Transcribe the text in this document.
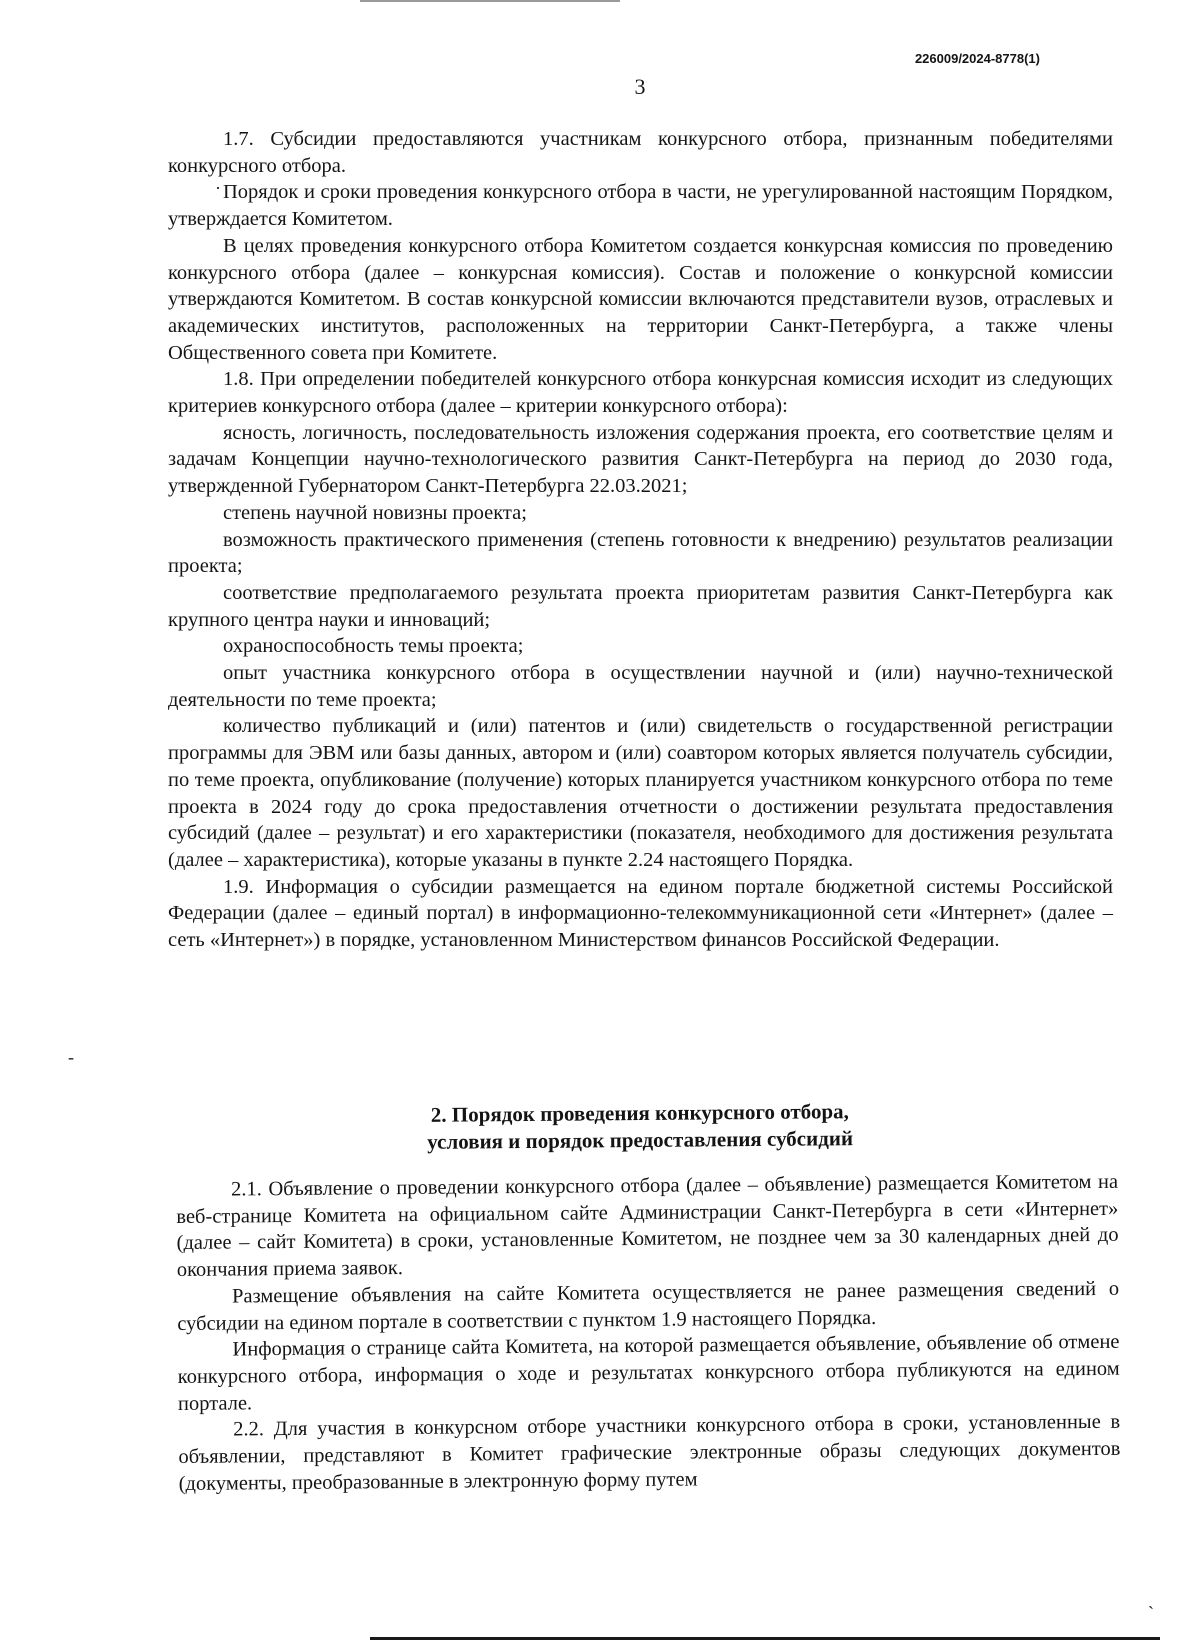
226009/2024-8778(1)
3

1.7. Субсидии предоставляются участникам конкурсного отбора, признанным победителями конкурсного отбора.

· Порядок и сроки проведения конкурсного отбора в части, не урегулированной настоящим Порядком, утверждается Комитетом.

В целях проведения конкурсного отбора Комитетом создается конкурсная комиссия по проведению конкурсного отбора (далее – конкурсная комиссия). Состав и положение о конкурсной комиссии утверждаются Комитетом. В состав конкурсной комиссии включаются представители вузов, отраслевых и академических институтов, расположенных на территории Санкт-Петербурга, а также члены Общественного совета при Комитете.

1.8. При определении победителей конкурсного отбора конкурсная комиссия исходит из следующих критериев конкурсного отбора (далее – критерии конкурсного отбора):

ясность, логичность, последовательность изложения содержания проекта, его соответствие целям и задачам Концепции научно-технологического развития Санкт-Петербурга на период до 2030 года, утвержденной Губернатором Санкт-Петербурга 22.03.2021;

степень научной новизны проекта;

возможность практического применения (степень готовности к внедрению) результатов реализации проекта;

соответствие предполагаемого результата проекта приоритетам развития Санкт-Петербурга как крупного центра науки и инноваций;

охраноспособность темы проекта;

опыт участника конкурсного отбора в осуществлении научной и (или) научно-технической деятельности по теме проекта;

количество публикаций и (или) патентов и (или) свидетельств о государственной регистрации программы для ЭВМ или базы данных, автором и (или) соавтором которых является получатель субсидии, по теме проекта, опубликование (получение) которых планируется участником конкурсного отбора по теме проекта в 2024 году до срока предоставления отчетности о достижении результата предоставления субсидий (далее – результат) и его характеристики (показателя, необходимого для достижения результата (далее – характеристика), которые указаны в пункте 2.24 настоящего Порядка.

1.9. Информация о субсидии размещается на едином портале бюджетной системы Российской Федерации (далее – единый портал) в информационно-телекоммуникационной сети «Интернет» (далее – сеть «Интернет») в порядке, установленном Министерством финансов Российской Федерации.

-
2. Порядок проведения конкурсного отбора,
условия и порядок предоставления субсидий

2.1. Объявление о проведении конкурсного отбора (далее – объявление) размещается Комитетом на веб-странице Комитета на официальном сайте Администрации Санкт-Петербурга в сети «Интернет» (далее – сайт Комитета) в сроки, установленные Комитетом, не позднее чем за 30 календарных дней до окончания приема заявок.

Размещение объявления на сайте Комитета осуществляется не ранее размещения сведений о субсидии на едином портале в соответствии с пунктом 1.9 настоящего Порядка.

Информация о странице сайта Комитета, на которой размещается объявление, объявление об отмене конкурсного отбора, информация о ходе и результатах конкурсного отбора публикуются на едином портале.

2.2. Для участия в конкурсном отборе участники конкурсного отбора в сроки, установленные в объявлении, представляют в Комитет графические электронные образы следующих документов (документы, преобразованные в электронную форму путем

`
